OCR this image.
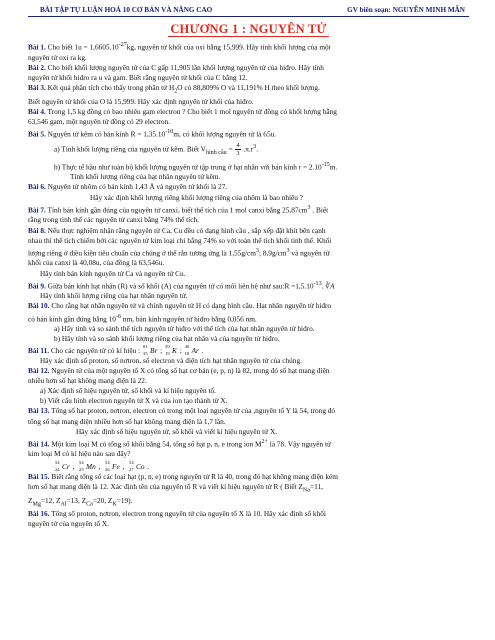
BÀI TẬP TỰ LUẬN HOÁ 10 CƠ BẢN VÀ NÂNG CAO	GV biên soạn: NGUYỄN MINH MẪN
CHƯƠNG 1 : NGUYÊN TỬ

Bài 1. Cho biết $1u = 1,6605.10^{-27}kg$, nguyên tử khối của oxi bằng 15,999. Hãy tính khối lượng của một

nguyên tử oxi ra kg.

Bài 2. Cho biết khối lượng nguyên tử của C gấp 11,905 lần khối lượng nguyên tử của hiđro. Hãy tính

nguyên tử khối hiđro ra u và gam. Biết rằng nguyên tử khối của C bằng 12.

Bài 3. Kết quả phân tích cho thấy trong phân tử $H_2O$ có 88,809% O và 11,191% H theo khối lượng.

Biết nguyên tử khối của O là 15,999. Hãy xác định nguyên tử khối của hiđro.

Bài 4. Trong 1,5 kg đồng có bao nhiêu gam electron ? Cho biết 1 mol nguyên tử đồng có khối lượng bằng

63,546 gam, một nguyên tử đồng có 29 electron.

Bài 5. Nguyên tử kẽm có bán kính $R = 1,35.10^{-10}m$, có khối lượng nguyên tử là 65u.

a) Tính khối lượng riêng của nguyên tử kẽm. Biết $V_{hình cầu} = \frac{4}{3} .\pi.r^3$.

b) Thực tế hầu như toàn bộ khối lượng nguyên tử tập trung ở hạt nhân với bán kính $r = 2.10^{-15}m$.

Tính khối lượng riêng của hạt nhân nguyên tử kẽm.

Bài 6. Nguyên tử nhôm có bán kính 1,43 Å và nguyên tử khối là 27.

Hãy xác định khối lượng riêng khối lượng riêng của nhôm là bao nhiêu ?

Bài 7. Tính bán kính gần đúng của nguyên tử canxi, biết thể tích của 1 mol canxi bằng $25,87cm^3$ . Biết

rằng trong tinh thể các nguyên tử canxi bằng 74% thể tích.

Bài 8. Nếu thực nghiệm nhận rằng nguyên tử Ca, Cu đều có dạng hình cầu , sắp xếp đặt khít bên cạnh

nhau thì thể tích chiếm bởi các nguyên tử kim loại chỉ bằng 74% so với toàn thể tích khối tinh thể. Khối

lượng riêng ở điều kiện tiêu chuẩn của chúng ở thể rắn tương ứng là $1,55g/cm^3$; $8,9g/cm^3$ và nguyên tử

khối của canxi là 40,08u, của đồng là 63,546u.

Hãy tính bán kính nguyên tử Ca và nguyên tử Cu.

Bài 9. Giữa bán kính hạt nhân (R) và số khối (A) của nguyên tử có mối liên hệ như sau:R $=1,5.10^{-13}$. ∛A

Hãy tính khối lượng riêng của hạt nhân nguyên tử.

Bài 10. Cho rằng hạt nhân nguyên tử và chính nguyên tử H có dạng hình cầu. Hạt nhân nguyên tử hiđro

có bán kính gần đúng bằng $10^{-6}$ nm, bán kính nguyên tử hiđro bằng 0,056 nm.

a) Hãy tính và so sánh thể tích nguyên tử hiđro với thể tích của hạt nhân nguyên tử hiđro.

b) Hãy tính và so sánh khối lượng riêng của hạt nhân và của nguyên tử hiđro.

Bài 11. Cho các nguyên tử có kí hiệu : 81
35 Br ; 39
19 K ; 40
18 Ar .

Hãy xác định số proton, số nơtron, số electron và điện tích hạt nhân nguyên tử của chúng.

Bài 12. Nguyên tử của một nguyên tố X có tổng số hạt cơ bản (e, p, n) là 82, trong đó số hạt mang điện

nhiều hơn số hạt không mang điện là 22.

a) Xác định số hiệu nguyên tử, số khối và kí hiệu nguyên tố.

b) Viết cấu hình electron nguyên tử X và của ion tạo thành từ X.

Bài 13. Tổng số hạt proton, nơtron, electron có trong một loại nguyên tử của ,nguyên tố Y là 54, trong đó

tổng số hạt mang điện nhiều hơn số hạt không mang điện là 1,7 lần.

Hãy xác định số hiệu nguyên tử, số khối và viết kí hiệu nguyên tử X.

Bài 14. Một kim loại M có tổng số khối bằng 54, tổng số hạt p, n, e trong ion $M^{2+}$ là 78. Vậy nguyên tử

kim loại M có kí hiệu nào sau đây?

54
24 Cr , 54
25 Mn , 54
26 Fe , 54
27 Co .

Bài 15. Biết rằng tổng số các loại hạt (p, n, e) trong nguyên tử R là 40, trong đó hạt không mang điện kém

hơn số hạt mang điện là 12. Xác định tên của nguyên tố R và viết kí hiệu nguyên tử R ( Biết $Z_{Na}=11$,

$Z_{Mg}=12$, $Z_{Al}=13$, $Z_{Ca}=20$, $Z_K=19$).

Bài 16. Tổng số proton, nơtron, electron trong nguyên tử của nguyên tố X là 10. Hãy xác định số khối

nguyên tử của nguyên tố X.
